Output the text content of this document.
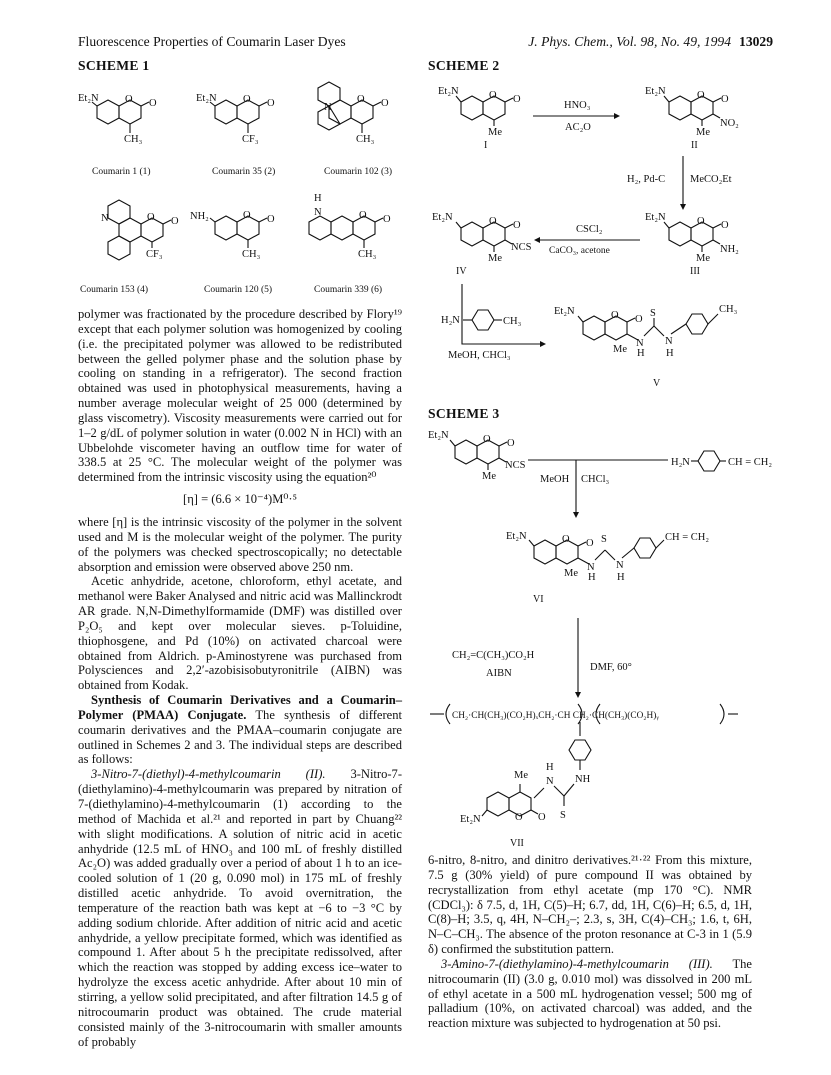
Fluorescence Properties of Coumarin Laser Dyes	J. Phys. Chem., Vol. 98, No. 49, 1994 13029
SCHEME 1	SCHEME 2
SCHEME 3
Et₂N	O O
CH₃
Coumarin 1 (1)
Et₂N	O O
CF₃
Coumarin 35 (2)
N
O O
CH₃
Coumarin 102 (3)
N	O O
CF₃
Coumarin 153 (4)
NH₂	O O
CH₃
Coumarin 120 (5)
H
N	O O
CH₃
Coumarin 339 (6)
Et₂N	O O
Me
I
HNO₃
AC₂O
Et₂N	O O
NO₂
Me
II
H₂, Pd-C MeCO₂Et
Et₂N	O O
NH₂
Me
III
CSCl₂
CaCO₃, acetone
Et₂N	O O
NCS
Me
IV
H₂N	CH₃
MeOH, CHCl₃
Et₂N	O O
S
N N
H H
Me
CH₃
V
Et₂N	O O
NCS
Me	MeOH CHCl₃
H₂N	CH = CH₂
Et₂N	O O S
N N
H H
Me
CH = CH₂
VI
CH₂=C(CH₃)CO₂H
AIBN
DMF, 60°
CH₂·CH(CH₃)(CO₂H)ₓCH₂·CH CH₂·CH(CH₃)(CO₂H)ᵧ
NH
S
N
H
Me
O
O
Et₂N
VII

polymer was fractionated by the procedure described by Flory¹⁹ except that each polymer solution was homogenized by cooling (i.e. the precipitated polymer was allowed to be redistributed between the gelled polymer phase and the solution phase by cooling on standing in a refrigerator). The second fraction obtained was used in photophysical measurements, having a number average molecular weight of 25 000 (determined by glass viscometry). Viscosity measurements were carried out for 1–2 g/dL of polymer solution in water (0.002 N in HCl) with an Ubbelohde viscometer having an outflow time for water of 338.5 at 25 °C. The molecular weight of the polymer was determined from the intrinsic viscosity using the equation²⁰

[η] = (6.6 × 10⁻⁴)M⁰·⁵

where [η] is the intrinsic viscosity of the polymer in the solvent used and M is the molecular weight of the polymer. The purity of the polymers was checked spectroscopically; no detectable absorption and emission were observed above 250 nm.

Acetic anhydride, acetone, chloroform, ethyl acetate, and methanol were Baker Analysed and nitric acid was Mallinckrodt AR grade. N,N-Dimethylformamide (DMF) was distilled over P₂O₅ and kept over molecular sieves. p-Toluidine, thiophosgene, and Pd (10%) on activated charcoal were obtained from Aldrich. p-Aminostyrene was purchased from Polysciences and 2,2′-azobisisobutyronitrile (AIBN) was obtained from Kodak.

Synthesis of Coumarin Derivatives and a Coumarin–Polymer (PMAA) Conjugate. The synthesis of different coumarin derivatives and the PMAA–coumarin conjugate are outlined in Schemes 2 and 3. The individual steps are described as follows:

3-Nitro-7-(diethyl)-4-methylcoumarin (II). 3-Nitro-7-(diethylamino)-4-methylcoumarin was prepared by nitration of 7-(diethylamino)-4-methylcoumarin (1) according to the method of Machida et al.²¹ and reported in part by Chuang²² with slight modifications. A solution of nitric acid in acetic anhydride (12.5 mL of HNO₃ and 100 mL of freshly distilled Ac₂O) was added gradually over a period of about 1 h to an ice-cooled solution of 1 (20 g, 0.090 mol) in 175 mL of freshly distilled acetic anhydride. To avoid overnitration, the temperature of the reaction bath was kept at −6 to −3 °C by adding sodium chloride. After addition of nitric acid and acetic anhydride, a yellow precipitate formed, which was identified as compound 1. After about 5 h the precipitate redissolved, after which the reaction was stopped by adding excess ice–water to hydrolyze the excess acetic anhydride. After about 10 min of stirring, a yellow solid precipitated, and after filtration 14.5 g of nitrocoumarin product was obtained. The crude material consisted mainly of the 3-nitrocoumarin with smaller amounts of probably

6-nitro, 8-nitro, and dinitro derivatives.²¹·²² From this mixture, 7.5 g (30% yield) of pure compound II was obtained by recrystallization from ethyl acetate (mp 170 °C). NMR (CDCl₃): δ 7.5, d, 1H, C(5)–H; 6.7, dd, 1H, C(6)–H; 6.5, d, 1H, C(8)–H; 3.5, q, 4H, N–CH₂–; 2.3, s, 3H, C(4)–CH₃; 1.6, t, 6H, N–C–CH₃. The absence of the proton resonance at C-3 in 1 (5.9 δ) confirmed the substitution pattern.

3-Amino-7-(diethylamino)-4-methylcoumarin (III). The nitrocoumarin (II) (3.0 g, 0.010 mol) was dissolved in 200 mL of ethyl acetate in a 500 mL hydrogenation vessel; 500 mg of palladium (10%, on activated charcoal) was added, and the reaction mixture was subjected to hydrogenation at 50 psi.
